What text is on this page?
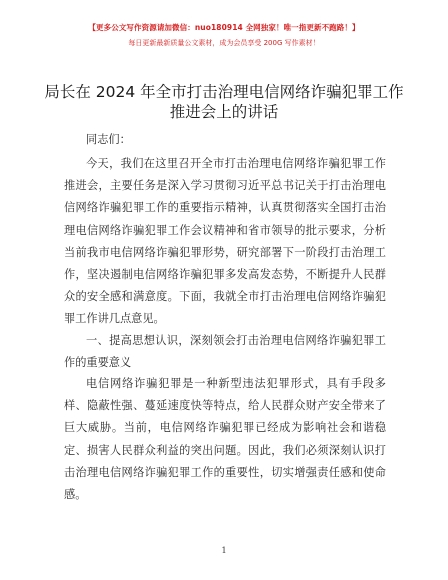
【更多公文写作资源请加微信：nuo180914 全网独家！唯一指更新不跑路！】
每日更新最新质量公文素材，成为会员享受 200G 写作素材！
局长在 2024 年全市打击治理电信网络诈骗犯罪工作推进会上的讲话
同志们：
今天，我们在这里召开全市打击治理电信网络诈骗犯罪工作推进会，主要任务是深入学习贯彻习近平总书记关于打击治理电信网络诈骗犯罪工作的重要指示精神，认真贯彻落实全国打击治理电信网络诈骗犯罪工作会议精神和省市领导的批示要求，分析当前我市电信网络诈骗犯罪形势，研究部署下一阶段打击治理工作，坚决遏制电信网络诈骗犯罪多发高发态势，不断提升人民群众的安全感和满意度。下面，我就全市打击治理电信网络诈骗犯罪工作讲几点意见。
一、提高思想认识，深刻领会打击治理电信网络诈骗犯罪工作的重要意义
电信网络诈骗犯罪是一种新型违法犯罪形式，具有手段多样、隐蔽性强、蔓延速度快等特点，给人民群众财产安全带来了巨大威胁。当前，电信网络诈骗犯罪已经成为影响社会和谐稳定、损害人民群众利益的突出问题。因此，我们必须深刻认识打击治理电信网络诈骗犯罪工作的重要性，切实增强责任感和使命感。
1
